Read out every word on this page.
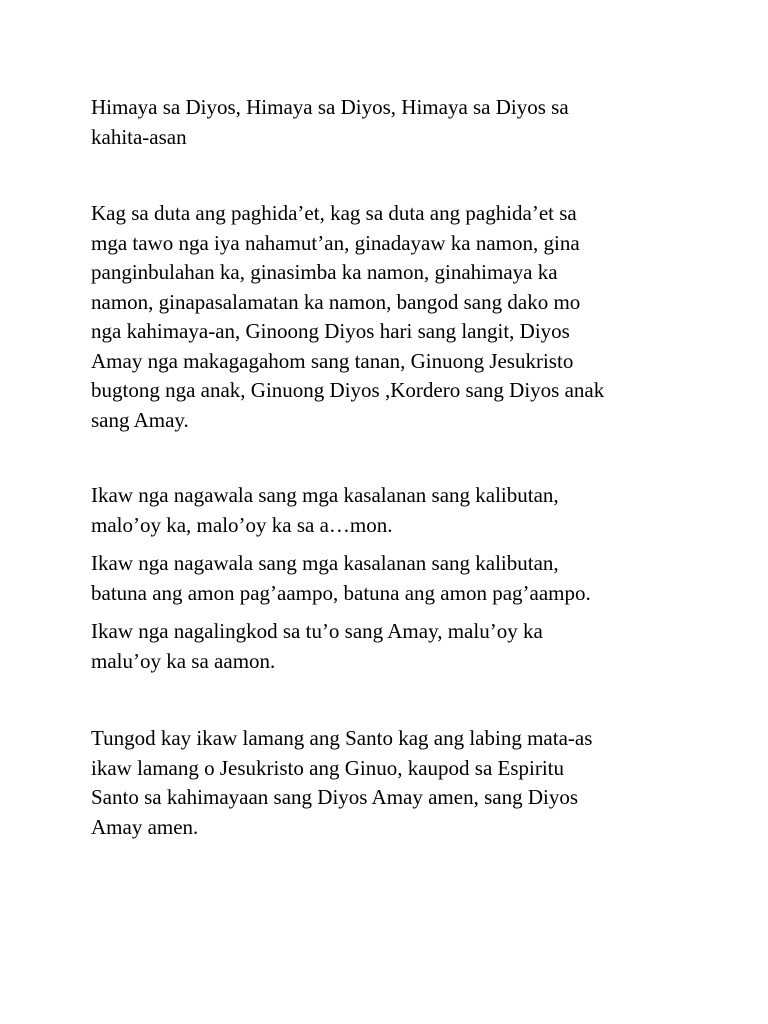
Himaya sa Diyos, Himaya sa Diyos, Himaya sa Diyos sa
kahita-asan

Kag sa duta ang paghida’et, kag sa duta ang paghida’et sa
mga tawo nga iya nahamut’an, ginadayaw ka namon, gina
panginbulahan ka, ginasimba ka namon, ginahimaya ka
namon, ginapasalamatan ka namon, bangod sang dako mo
nga kahimaya-an, Ginoong Diyos hari sang langit, Diyos
Amay nga makagagahom sang tanan, Ginuong Jesukristo
bugtong nga anak, Ginuong Diyos ,Kordero sang Diyos anak
sang Amay.

Ikaw nga nagawala sang mga kasalanan sang kalibutan,
malo’oy ka, malo’oy ka sa a…mon.

Ikaw nga nagawala sang mga kasalanan sang kalibutan,
batuna ang amon pag’aampo, batuna ang amon pag’aampo.

Ikaw nga nagalingkod sa tu’o sang Amay, malu’oy ka
malu’oy ka sa aamon.

Tungod kay ikaw lamang ang Santo kag ang labing mata-as
ikaw lamang o Jesukristo ang Ginuo, kaupod sa Espiritu
Santo sa kahimayaan sang Diyos Amay amen, sang Diyos
Amay amen.
